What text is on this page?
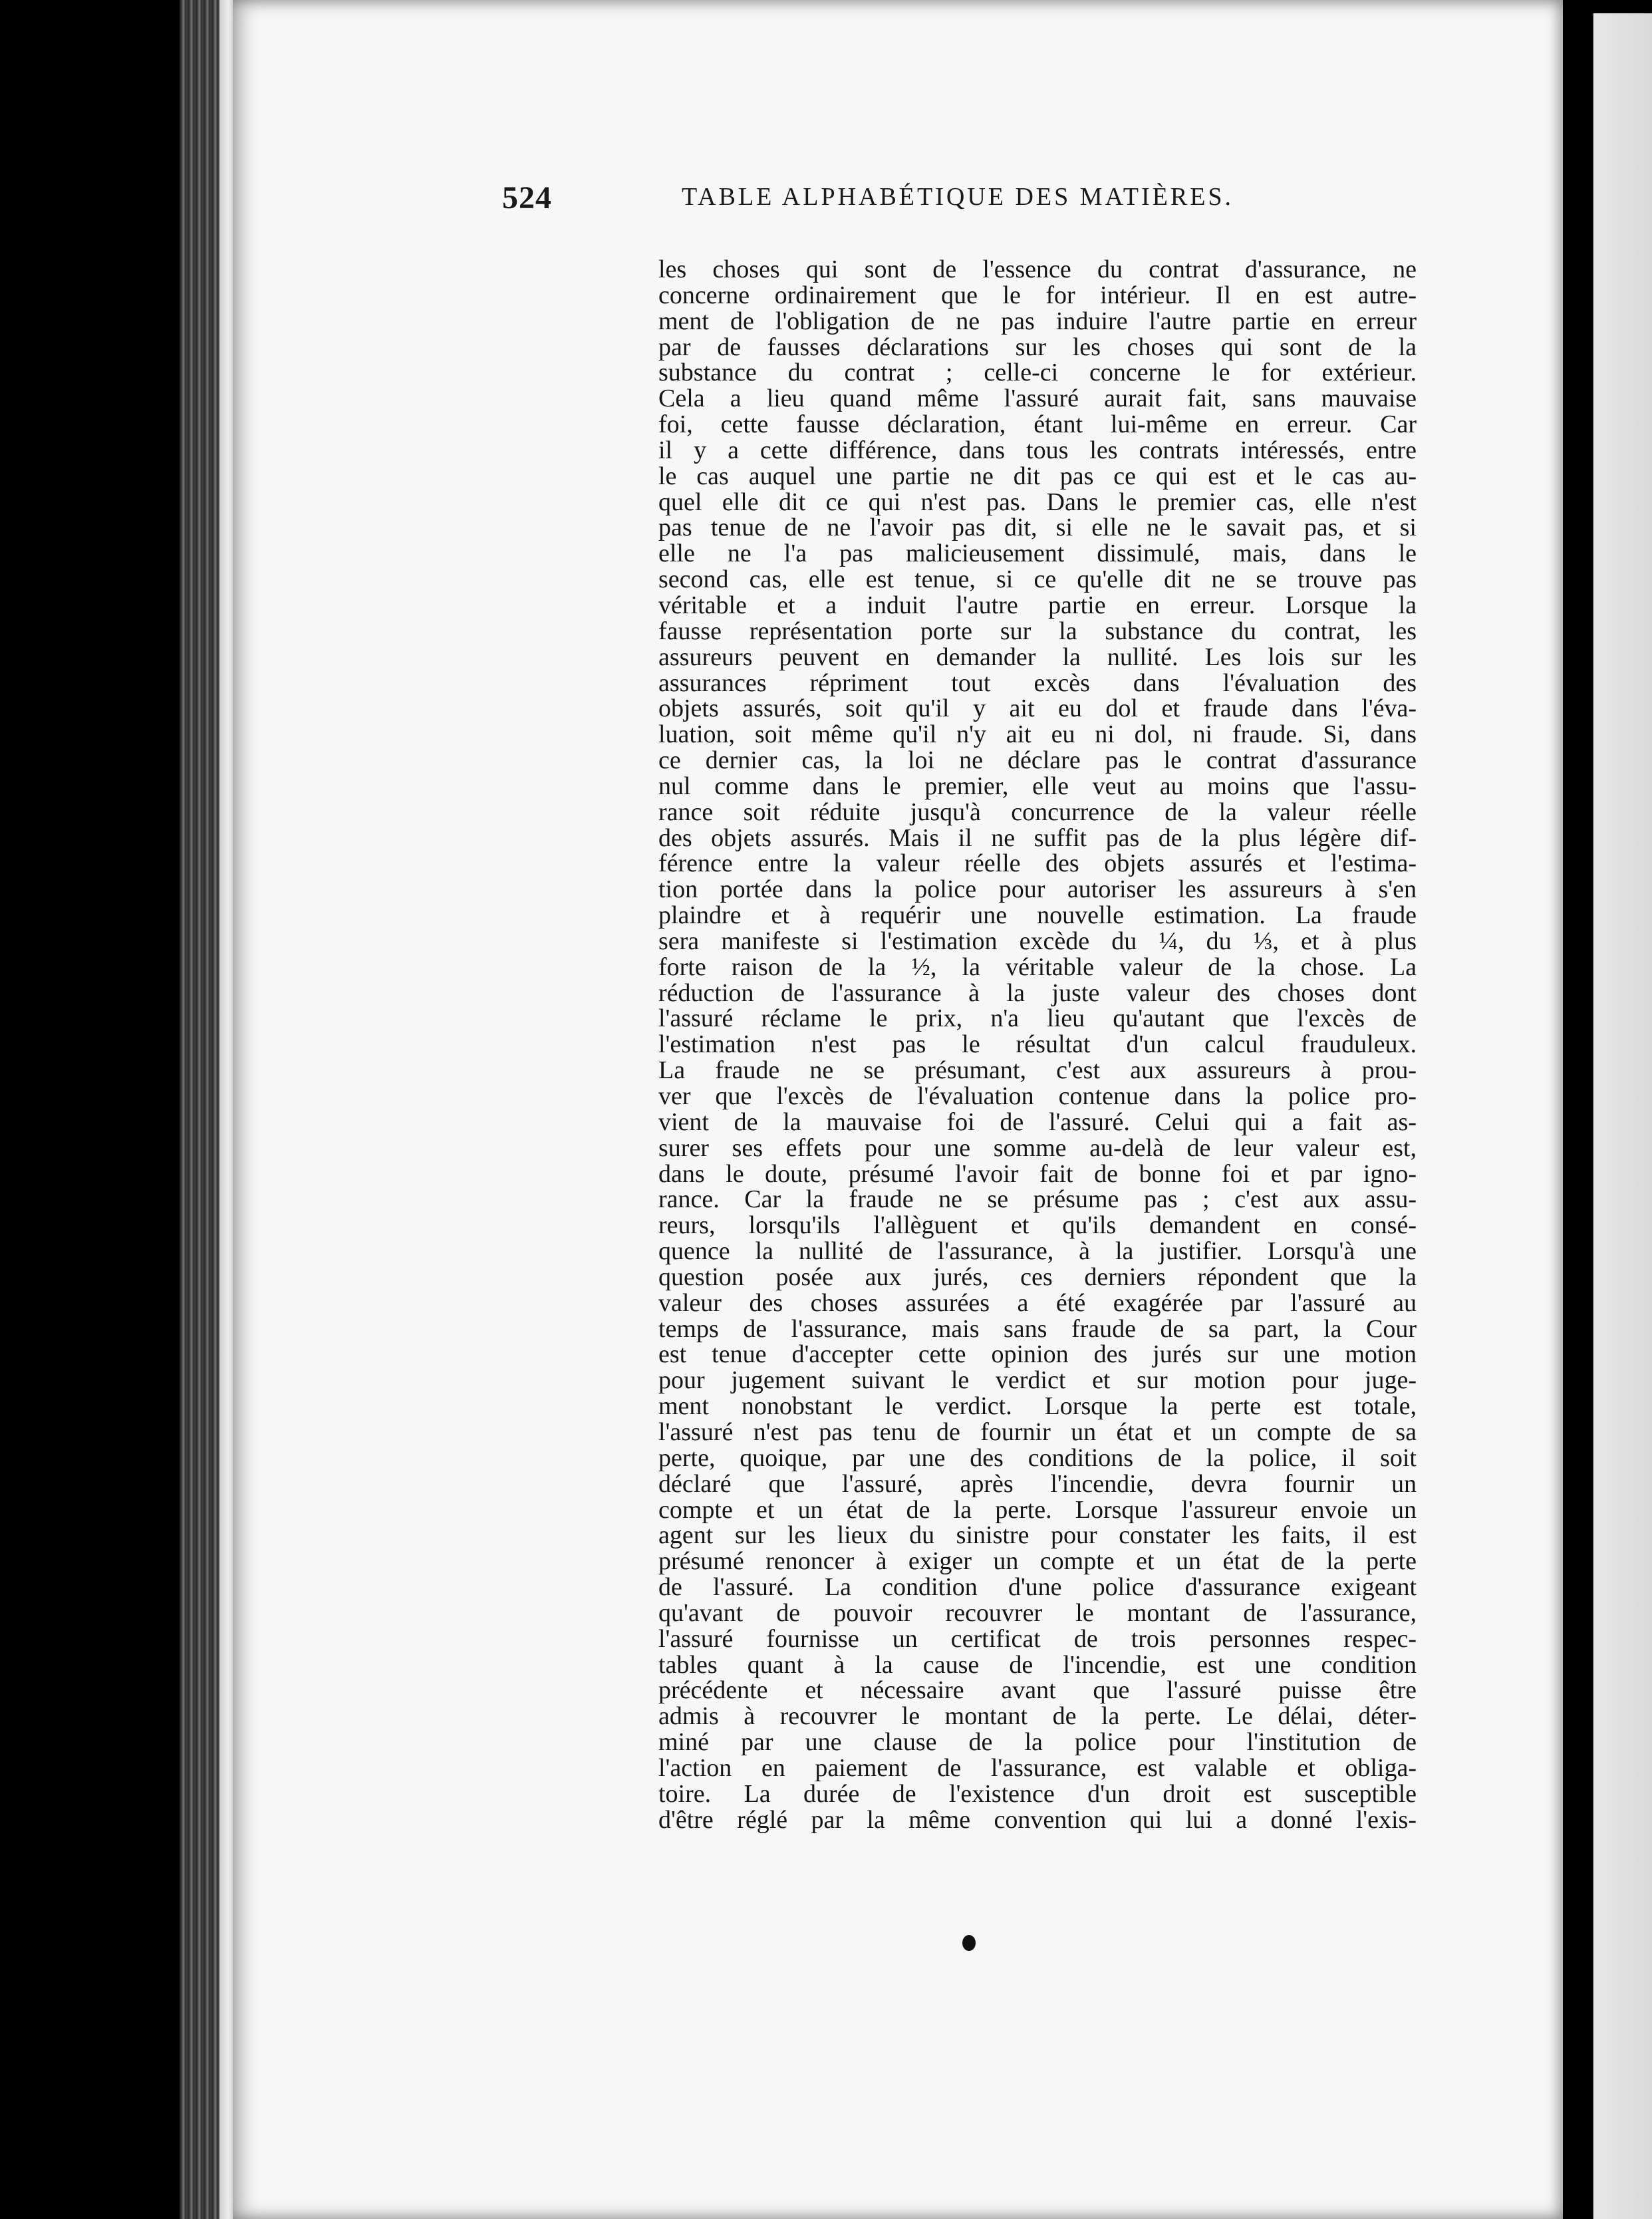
524	TABLE ALPHABÉTIQUE DES MATIÈRES.
les choses qui sont de l'essence du contrat d'assurance, ne
concerne ordinairement que le for intérieur. Il en est autre-
ment de l'obligation de ne pas induire l'autre partie en erreur
par de fausses déclarations sur les choses qui sont de la
substance du contrat ; celle-ci concerne le for extérieur.
Cela a lieu quand même l'assuré aurait fait, sans mauvaise
foi, cette fausse déclaration, étant lui-même en erreur. Car
il y a cette différence, dans tous les contrats intéressés, entre
le cas auquel une partie ne dit pas ce qui est et le cas au-
quel elle dit ce qui n'est pas. Dans le premier cas, elle n'est
pas tenue de ne l'avoir pas dit, si elle ne le savait pas, et si
elle ne l'a pas malicieusement dissimulé, mais, dans le
second cas, elle est tenue, si ce qu'elle dit ne se trouve pas
véritable et a induit l'autre partie en erreur. Lorsque la
fausse représentation porte sur la substance du contrat, les
assureurs peuvent en demander la nullité. Les lois sur les
assurances répriment tout excès dans l'évaluation des
objets assurés, soit qu'il y ait eu dol et fraude dans l'éva-
luation, soit même qu'il n'y ait eu ni dol, ni fraude. Si, dans
ce dernier cas, la loi ne déclare pas le contrat d'assurance
nul comme dans le premier, elle veut au moins que l'assu-
rance soit réduite jusqu'à concurrence de la valeur réelle
des objets assurés. Mais il ne suffit pas de la plus légère dif-
férence entre la valeur réelle des objets assurés et l'estima-
tion portée dans la police pour autoriser les assureurs à s'en
plaindre et à requérir une nouvelle estimation. La fraude
sera manifeste si l'estimation excède du ¼, du ⅓, et à plus
forte raison de la ½, la véritable valeur de la chose. La
réduction de l'assurance à la juste valeur des choses dont
l'assuré réclame le prix, n'a lieu qu'autant que l'excès de
l'estimation n'est pas le résultat d'un calcul frauduleux.
La fraude ne se présumant, c'est aux assureurs à prou-
ver que l'excès de l'évaluation contenue dans la police pro-
vient de la mauvaise foi de l'assuré. Celui qui a fait as-
surer ses effets pour une somme au-delà de leur valeur est,
dans le doute, présumé l'avoir fait de bonne foi et par igno-
rance. Car la fraude ne se présume pas ; c'est aux assu-
reurs, lorsqu'ils l'allèguent et qu'ils demandent en consé-
quence la nullité de l'assurance, à la justifier. Lorsqu'à une
question posée aux jurés, ces derniers répondent que la
valeur des choses assurées a été exagérée par l'assuré au
temps de l'assurance, mais sans fraude de sa part, la Cour
est tenue d'accepter cette opinion des jurés sur une motion
pour jugement suivant le verdict et sur motion pour juge-
ment nonobstant le verdict. Lorsque la perte est totale,
l'assuré n'est pas tenu de fournir un état et un compte de sa
perte, quoique, par une des conditions de la police, il soit
déclaré que l'assuré, après l'incendie, devra fournir un
compte et un état de la perte. Lorsque l'assureur envoie un
agent sur les lieux du sinistre pour constater les faits, il est
présumé renoncer à exiger un compte et un état de la perte
de l'assuré. La condition d'une police d'assurance exigeant
qu'avant de pouvoir recouvrer le montant de l'assurance,
l'assuré fournisse un certificat de trois personnes respec-
tables quant à la cause de l'incendie, est une condition
précédente et nécessaire avant que l'assuré puisse être
admis à recouvrer le montant de la perte. Le délai, déter-
miné par une clause de la police pour l'institution de
l'action en paiement de l'assurance, est valable et obliga-
toire. La durée de l'existence d'un droit est susceptible
d'être réglé par la même convention qui lui a donné l'exis-
